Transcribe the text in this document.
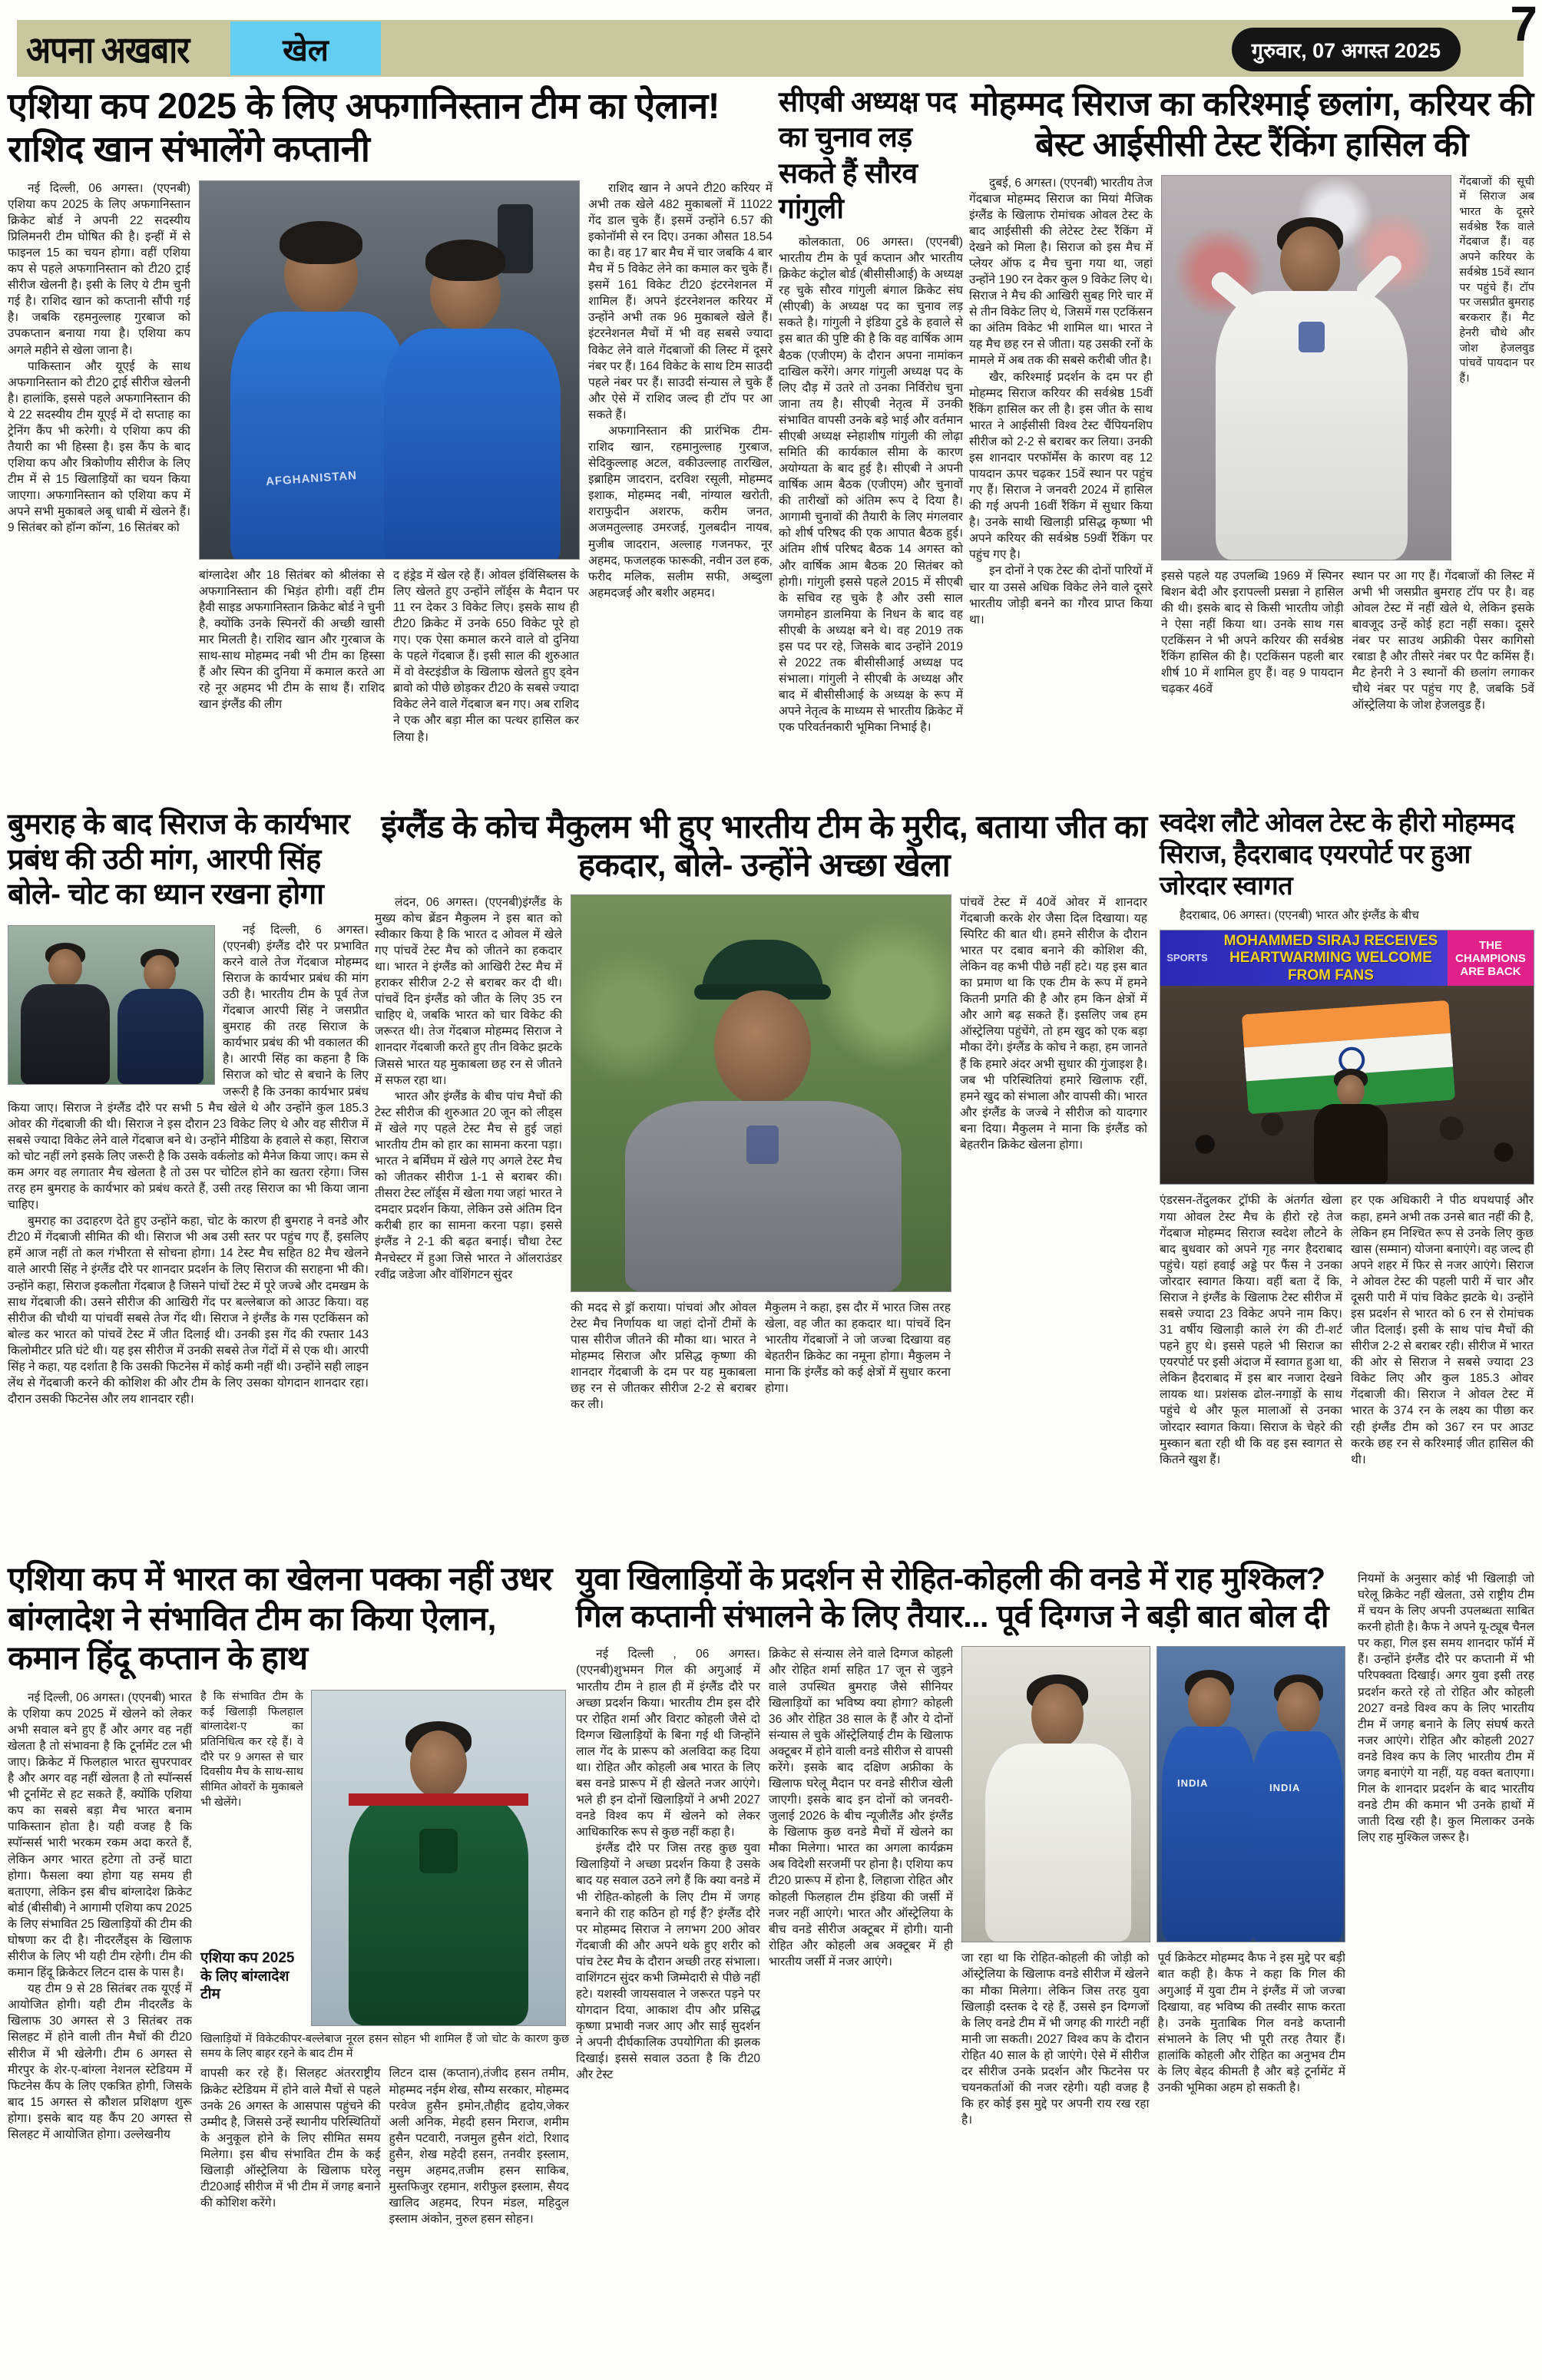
अपना अखबार	खेल	गुरुवार, 07 अगस्त 2025	7
एशिया कप 2025 के लिए अफगानिस्तान टीम का ऐलान! राशिद खान संभालेंगे कप्तानी

नई दिल्ली, 06 अगस्त। (एएनबी) एशिया कप 2025 के लिए अफगानिस्तान क्रिकेट बोर्ड ने अपनी 22 सदस्यीय प्रिलिमनरी टीम घोषित की है। इन्हीं में से फाइनल 15 का चयन होगा। वहीं एशिया कप से पहले अफगानिस्तान को टी20 ट्राई सीरीज खेलनी है। इसी के लिए ये टीम चुनी गई है। राशिद खान को कप्तानी सौंपी गई है। जबकि रहमनुल्लाह गुरबाज को उपकप्तान बनाया गया है। एशिया कप अगले महीने से खेला जाना है।

पाकिस्तान और यूएई के साथ अफगानिस्तान को टी20 ट्राई सीरीज खेलनी है। हालांकि, इससे पहले अफगानिस्तान की ये 22 सदस्यीय टीम यूएई में दो सप्ताह का ट्रेनिंग कैंप भी करेगी। ये एशिया कप की तैयारी का भी हिस्सा है। इस कैंप के बाद एशिया कप और त्रिकोणीय सीरीज के लिए टीम में से 15 खिलाड़ियों का चयन किया जाएगा। अफगानिस्तान को एशिया कप में अपने सभी मुकाबले अबू धाबी में खेलने हैं। 9 सितंबर को हॉन्ग कॉन्ग, 16 सितंबर को

AFGHANISTAN
बांग्लादेश और 18 सितंबर को श्रीलंका से अफगानिस्तान की भिड़ंत होगी। वहीं टीम हैवी साइड अफगानिस्तान क्रिकेट बोर्ड ने चुनी है, क्योंकि उनके स्पिनरों की अच्छी खासी मार मिलती है। राशिद खान और गुरबाज के साथ-साथ मोहम्मद नबी भी टीम का हिस्सा हैं और स्पिन की दुनिया में कमाल करते आ रहे नूर अहमद भी टीम के साथ हैं। राशिद खान इंग्लैंड की लीग
द हंड्रेड में खेल रहे हैं। ओवल इंविंसिब्लस के लिए खेलते हुए उन्होंने लॉर्ड्स के मैदान पर 11 रन देकर 3 विकेट लिए। इसके साथ ही टी20 क्रिकेट में उनके 650 विकेट पूरे हो गए। एक ऐसा कमाल करने वाले वो दुनिया के पहले गेंदबाज हैं। इसी साल की शुरुआत में वो वेस्टइंडीज के खिलाफ खेलते हुए ड्वेन ब्रावो को पीछे छोड़कर टी20 के सबसे ज्यादा विकेट लेने वाले गेंदबाज बन गए। अब राशिद ने एक और बड़ा मील का पत्थर हासिल कर लिया है।

राशिद खान ने अपने टी20 करियर में अभी तक खेले 482 मुकाबलों में 11022 गेंद डाल चुके हैं। इसमें उन्होंने 6.57 की इकोनॉमी से रन दिए। उनका औसत 18.54 का है। वह 17 बार मैच में चार जबकि 4 बार मैच में 5 विकेट लेने का कमाल कर चुके हैं। इसमें 161 विकेट टी20 इंटरनेशनल में शामिल हैं। अपने इंटरनेशनल करियर में उन्होंने अभी तक 96 मुकाबले खेले हैं। इंटरनेशनल मैचों में भी वह सबसे ज्यादा विकेट लेने वाले गेंदबाजों की लिस्ट में दूसरे नंबर पर हैं। 164 विकेट के साथ टिम साउदी पहले नंबर पर हैं। साउदी संन्यास ले चुके हैं और ऐसे में राशिद जल्द ही टॉप पर आ सकते हैं।

अफगानिस्तान की प्रारंभिक टीम- राशिद खान, रहमानुल्लाह गुरबाज, सेदिकुल्लाह अटल, वकीउल्लाह तारखिल, इब्राहिम जादरान, दरविश रसूली, मोहम्मद इशाक, मोहम्मद नबी, नांग्याल खरोती, शराफुदीन अशरफ, करीम जनत, अजमतुल्लाह उमरजई, गुलबदीन नायब, मुजीब जादरान, अल्लाह गजनफर, नूर अहमद, फजलहक फारूकी, नवीन उल हक, फरीद मलिक, सलीम सफी, अब्दुला अहमदजई और बशीर अहमद।

सीएबी अध्यक्ष पद का चुनाव लड़ सकते हैं सौरव गांगुली

कोलकाता, 06 अगस्त। (एएनबी) भारतीय टीम के पूर्व कप्तान और भारतीय क्रिकेट कंट्रोल बोर्ड (बीसीसीआई) के अध्यक्ष रह चुके सौरव गांगुली बंगाल क्रिकेट संघ (सीएबी) के अध्यक्ष पद का चुनाव लड़ सकते है। गांगुली ने इंडिया टुडे के हवाले से इस बात की पुष्टि की है कि वह वार्षिक आम बैठक (एजीएम) के दौरान अपना नामांकन दाखिल करेंगे। अगर गांगुली अध्यक्ष पद के लिए दौड़ में उतरे तो उनका निर्विरोध चुना जाना तय है। सीएबी नेतृत्व में उनकी संभावित वापसी उनके बड़े भाई और वर्तमान सीएबी अध्यक्ष स्नेहाशीष गांगुली की लोढ़ा समिति की कार्यकाल सीमा के कारण अयोग्यता के बाद हुई है। सीएबी ने अपनी वार्षिक आम बैठक (एजीएम) और चुनावों की तारीखों को अंतिम रूप दे दिया है। आगामी चुनावों की तैयारी के लिए मंगलवार को शीर्ष परिषद की एक आपात बैठक हुई। अंतिम शीर्ष परिषद बैठक 14 अगस्त को और वार्षिक आम बैठक 20 सितंबर को होगी। गांगुली इससे पहले 2015 में सीएबी के सचिव रह चुके है और उसी साल जगमोहन डालमिया के निधन के बाद वह सीएबी के अध्यक्ष बने थे। वह 2019 तक इस पद पर रहे, जिसके बाद उन्होंने 2019 से 2022 तक बीसीसीआई अध्यक्ष पद संभाला। गांगुली ने सीएबी के अध्यक्ष और बाद में बीसीसीआई के अध्यक्ष के रूप में अपने नेतृत्व के माध्यम से भारतीय क्रिकेट में एक परिवर्तनकारी भूमिका निभाई है।

मोहम्मद सिराज का करिश्माई छलांग, करियर की बेस्ट आईसीसी टेस्ट रैंकिंग हासिल की

दुबई, 6 अगस्त। (एएनबी) भारतीय तेज गेंदबाज मोहम्मद सिराज का मियां मैजिक इंग्लैंड के खिलाफ रोमांचक ओवल टेस्ट के बाद आईसीसी की लेटेस्ट टेस्ट रैंकिंग में देखने को मिला है। सिराज को इस मैच में प्लेयर ऑफ द मैच चुना गया था, जहां उन्होंने 190 रन देकर कुल 9 विकेट लिए थे। सिराज ने मैच की आखिरी सुबह गिरे चार में से तीन विकेट लिए थे, जिसमें गस एटकिंसन का अंतिम विकेट भी शामिल था। भारत ने यह मैच छह रन से जीता। यह उसकी रनों के मामले में अब तक की सबसे करीबी जीत है।

खैर, करिश्माई प्रदर्शन के दम पर ही मोहम्मद सिराज करियर की सर्वश्रेष्ठ 15वीं रैंकिंग हासिल कर ली है। इस जीत के साथ भारत ने आईसीसी विश्व टेस्ट चैंपियनशिप सीरीज को 2-2 से बराबर कर लिया। उनकी इस शानदार परफॉर्मेंस के कारण वह 12 पायदान ऊपर चढ़कर 15वें स्थान पर पहुंच गए हैं। सिराज ने जनवरी 2024 में हासिल की गई अपनी 16वीं रैंकिंग में सुधार किया है। उनके साथी खिलाड़ी प्रसिद्ध कृष्णा भी अपने करियर की सर्वश्रेष्ठ 59वीं रैंकिंग पर पहुंच गए है।

इन दोनों ने एक टेस्ट की दोनों पारियों में चार या उससे अधिक विकेट लेने वाले दूसरे भारतीय जोड़ी बनने का गौरव प्राप्त किया था।

गेंदबाजों की सूची में सिराज अब भारत के दूसरे सर्वश्रेष्ठ रैंक वाले गेंदबाज हैं। वह अपने करियर के सर्वश्रेष्ठ 15वें स्थान पर पहुंचे हैं। टॉप पर जसप्रीत बुमराह बरकरार हैं। मैट हेनरी चौथे और जोश हेजलवुड पांचवें पायदान पर हैं।
इससे पहले यह उपलब्धि 1969 में स्पिनर बिशन बेदी और इरापल्ली प्रसन्ना ने हासिल की थी। इसके बाद से किसी भारतीय जोड़ी ने ऐसा नहीं किया था। उनके साथ गस एटकिंसन ने भी अपने करियर की सर्वश्रेष्ठ रैंकिंग हासिल की है। एटकिंसन पहली बार शीर्ष 10 में शामिल हुए हैं। वह 9 पायदान चढ़कर 46वें
स्थान पर आ गए हैं। गेंदबाजों की लिस्ट में अभी भी जसप्रीत बुमराह टॉप पर है। वह ओवल टेस्ट में नहीं खेले थे, लेकिन इसके बावजूद उन्हें कोई हटा नहीं सका। दूसरे नंबर पर साउथ अफ्रीकी पेसर कागिसो रबाडा है और तीसरे नंबर पर पैट कमिंस हैं। मैट हेनरी ने 3 स्थानों की छलांग लगाकर चौथे नंबर पर पहुंच गए है, जबकि 5वें ऑस्ट्रेलिया के जोश हेजलवुड हैं।
बुमराह के बाद सिराज के कार्यभार प्रबंध की उठी मांग, आरपी सिंह बोले- चोट का ध्यान रखना होगा

नई दिल्ली, 6 अगस्त। (एएनबी) इंग्लैंड दौरे पर प्रभावित करने वाले तेज गेंदबाज मोहम्मद सिराज के कार्यभार प्रबंध की मांग उठी है। भारतीय टीम के पूर्व तेज गेंदबाज आरपी सिंह ने जसप्रीत बुमराह की तरह सिराज के कार्यभार प्रबंध की भी वकालत की है। आरपी सिंह का कहना है कि सिराज को चोट से बचाने के लिए जरूरी है कि उनका कार्यभार प्रबंध किया जाए। सिराज ने इंग्लैंड दौरे पर सभी 5 मैच खेले थे और उन्होंने कुल 185.3 ओवर की गेंदबाजी की थी। सिराज ने इस दौरान 23 विकेट लिए थे और वह सीरीज में सबसे ज्यादा विकेट लेने वाले गेंदबाज बने थे। उन्होंने मीडिया के हवाले से कहा, सिराज को चोट नहीं लगे इसके लिए जरूरी है कि उसके वर्कलोड को मैनेज किया जाए। कम से कम अगर वह लगातार मैच खेलता है तो उस पर चोटिल होने का खतरा रहेगा। जिस तरह हम बुमराह के कार्यभार को प्रबंध करते हैं, उसी तरह सिराज का भी किया जाना चाहिए।

बुमराह का उदाहरण देते हुए उन्होंने कहा, चोट के कारण ही बुमराह ने वनडे और टी20 में गेंदबाजी सीमित की थी। सिराज भी अब उसी स्तर पर पहुंच गए हैं, इसलिए हमें आज नहीं तो कल गंभीरता से सोचना होगा। 14 टेस्ट मैच सहित 82 मैच खेलने वाले आरपी सिंह ने इंग्लैंड दौरे पर शानदार प्रदर्शन के लिए सिराज की सराहना भी की। उन्होंने कहा, सिराज इकलौता गेंदबाज है जिसने पांचों टेस्ट में पूरे जज्बे और दमखम के साथ गेंदबाजी की। उसने सीरीज की आखिरी गेंद पर बल्लेबाज को आउट किया। वह सीरीज की चौथी या पांचवीं सबसे तेज गेंद थी। सिराज ने इंग्लैंड के गस एटकिंसन को बोल्ड कर भारत को पांचवें टेस्ट में जीत दिलाई थी। उनकी इस गेंद की रफ्तार 143 किलोमीटर प्रति घंटे थी। यह इस सीरीज में उनकी सबसे तेज गेंदों में से एक थी। आरपी सिंह ने कहा, यह दर्शाता है कि उसकी फिटनेस में कोई कमी नहीं थी। उन्होंने सही लाइन लेंथ से गेंदबाजी करने की कोशिश की और टीम के लिए उसका योगदान शानदार रहा। दौरान उसकी फिटनेस और लय शानदार रही।

इंग्लैंड के कोच मैकुलम भी हुए भारतीय टीम के मुरीद, बताया जीत का हकदार, बोले- उन्होंने अच्छा खेला

लंदन, 06 अगस्त। (एएनबी)इंग्लैंड के मुख्य कोच ब्रेंडन मैकुलम ने इस बात को स्वीकार किया है कि भारत द ओवल में खेले गए पांचवें टेस्ट मैच को जीतने का हकदार था। भारत ने इंग्लैंड को आखिरी टेस्ट मैच में हराकर सीरीज 2-2 से बराबर कर दी थी। पांचवें दिन इंग्लैंड को जीत के लिए 35 रन चाहिए थे, जबकि भारत को चार विकेट की जरूरत थी। तेज गेंदबाज मोहम्मद सिराज ने शानदार गेंदबाजी करते हुए तीन विकेट झटके जिससे भारत यह मुकाबला छह रन से जीतने में सफल रहा था।

भारत और इंग्लैंड के बीच पांच मैचों की टेस्ट सीरीज की शुरुआत 20 जून को लीड्स में खेले गए पहले टेस्ट मैच से हुई जहां भारतीय टीम को हार का सामना करना पड़ा। भारत ने बर्मिंघम में खेले गए अगले टेस्ट मैच को जीतकर सीरीज 1-1 से बराबर की। तीसरा टेस्ट लॉर्ड्स में खेला गया जहां भारत ने दमदार प्रदर्शन किया, लेकिन उसे अंतिम दिन करीबी हार का सामना करना पड़ा। इससे इंग्लैंड ने 2-1 की बढ़त बनाई। चौथा टेस्ट मैनचेस्टर में हुआ जिसे भारत ने ऑलराउंडर रवींद्र जडेजा और वॉशिंगटन सुंदर

की मदद से ड्रॉ कराया। पांचवां और ओवल टेस्ट मैच निर्णायक था जहां दोनों टीमों के पास सीरीज जीतने की मौका था। भारत ने मोहम्मद सिराज और प्रसिद्ध कृष्णा की शानदार गेंदबाजी के दम पर यह मुकाबला छह रन से जीतकर सीरीज 2-2 से बराबर कर ली।
मैकुलम ने कहा, इस दौर में भारत जिस तरह खेला, वह जीत का हकदार था। पांचवें दिन भारतीय गेंदबाजों ने जो जज्बा दिखाया वह बेहतरीन क्रिकेट का नमूना होगा। मैकुलम ने माना कि इंग्लैंड को कई क्षेत्रों में सुधार करना होगा।
पांचवें टेस्ट में 40वें ओवर में शानदार गेंदबाजी करके शेर जैसा दिल दिखाया। यह स्पिरिट की बात थी। हमने सीरीज के दौरान भारत पर दबाव बनाने की कोशिश की, लेकिन वह कभी पीछे नहीं हटे। यह इस बात का प्रमाण था कि एक टीम के रूप में हमने कितनी प्रगति की है और हम किन क्षेत्रों में और आगे बढ़ सकते हैं। इसलिए जब हम ऑस्ट्रेलिया पहुंचेंगे, तो हम खुद को एक बड़ा मौका देंगे। इंग्लैंड के कोच ने कहा, हम जानते हैं कि हमारे अंदर अभी सुधार की गुंजाइश है। जब भी परिस्थितियां हमारे खिलाफ रहीं, हमने खुद को संभाला और वापसी की। भारत और इंग्लैंड के जज्बे ने सीरीज को यादगार बना दिया। मैकुलम ने माना कि इंग्लैंड को बेहतरीन क्रिकेट खेलना होगा।
स्वदेश लौटे ओवल टेस्ट के हीरो मोहम्मद सिराज, हैदराबाद एयरपोर्ट पर हुआ जोरदार स्वागत
हैदराबाद, 06 अगस्त। (एएनबी) भारत और इंग्लैंड के बीच
SPORTS
MOHAMMED SIRAJ RECEIVES
HEARTWARMING WELCOME FROM FANS
THE CHAMPIONS ARE BACK
एंडरसन-तेंदुलकर ट्रॉफी के अंतर्गत खेला गया ओवल टेस्ट मैच के हीरो रहे तेज गेंदबाज मोहम्मद सिराज स्वदेश लौटने के बाद बुधवार को अपने गृह नगर हैदराबाद पहुंचे। यहां हवाई अड्डे पर फैंस ने उनका जोरदार स्वागत किया। वहीं बता दें कि, सिराज ने इंग्लैंड के खिलाफ टेस्ट सीरीज में सबसे ज्यादा 23 विकेट अपने नाम किए। 31 वर्षीय खिलाड़ी काले रंग की टी-शर्ट पहने हुए थे। इससे पहले भी सिराज का एयरपोर्ट पर इसी अंदाज में स्वागत हुआ था, लेकिन हैदराबाद में इस बार नजारा देखने लायक था। प्रशंसक ढोल-नगाड़ों के साथ पहुंचे थे और फूल मालाओं से उनका जोरदार स्वागत किया। सिराज के चेहरे की मुस्कान बता रही थी कि वह इस स्वागत से कितने खुश हैं।
हर एक अधिकारी ने पीठ थपथपाई और कहा, हमने अभी तक उनसे बात नहीं की है, लेकिन हम निश्चित रूप से उनके लिए कुछ खास (सम्मान) योजना बनाएंगे। वह जल्द ही अपने शहर में फिर से नजर आएंगे। सिराज ने ओवल टेस्ट की पहली पारी में चार और दूसरी पारी में पांच विकेट झटके थे। उन्होंने इस प्रदर्शन से भारत को 6 रन से रोमांचक जीत दिलाई। इसी के साथ पांच मैचों की सीरीज 2-2 से बराबर रही। सीरीज में भारत की ओर से सिराज ने सबसे ज्यादा 23 विकेट लिए और कुल 185.3 ओवर गेंदबाजी की। सिराज ने ओवल टेस्ट में भारत के 374 रन के लक्ष्य का पीछा कर रही इंग्लैंड टीम को 367 रन पर आउट करके छह रन से करिश्माई जीत हासिल की थी।
एशिया कप में भारत का खेलना पक्का नहीं उधर बांग्लादेश ने संभावित टीम का किया ऐलान, कमान हिंदू कप्तान के हाथ

नई दिल्ली, 06 अगस्त। (एएनबी) भारत के एशिया कप 2025 में खेलने को लेकर अभी सवाल बने हुए हैं और अगर वह नहीं खेलता है तो संभावना है कि टूर्नामेंट टल भी जाए। क्रिकेट में फिलहाल भारत सुपरपावर है और अगर वह नहीं खेलता है तो स्पॉन्सर्स भी टूर्नामेंट से हट सकते हैं, क्योंकि एशिया कप का सबसे बड़ा मैच भारत बनाम पाकिस्तान होता है। यही वजह है कि स्पॉन्सर्स भारी भरकम रकम अदा करते हैं, लेकिन अगर भारत हटेगा तो उन्हें घाटा होगा। फैसला क्या होगा यह समय ही बताएगा, लेकिन इस बीच बांग्लादेश क्रिकेट बोर्ड (बीसीबी) ने आगामी एशिया कप 2025 के लिए संभावित 25 खिलाड़ियों की टीम की घोषणा कर दी है। नीदरलैंड्स के खिलाफ सीरीज के लिए भी यही टीम रहेगी। टीम की कमान हिंदू क्रिकेटर लिटन दास के पास है।

यह टीम 9 से 28 सितंबर तक यूएई में आयोजित होगी। यही टीम नीदरलैंड के खिलाफ 30 अगस्त से 3 सितंबर तक सिलहट में होने वाली तीन मैचों की टी20 सीरीज में भी खेलेगी। टीम 6 अगस्त से मीरपुर के शेर-ए-बांग्ला नेशनल स्टेडियम में फिटनेस कैंप के लिए एकत्रित होगी, जिसके बाद 15 अगस्त से कौशल प्रशिक्षण शुरू होगा। इसके बाद यह कैंप 20 अगस्त से सिलहट में आयोजित होगा। उल्लेखनीय

है कि संभावित टीम के कई खिलाड़ी फिलहाल बांग्लादेश-ए का प्रतिनिधित्व कर रहे हैं। वे दौरे पर 9 अगस्त से चार दिवसीय मैच के साथ-साथ सीमित ओवरों के मुकाबले भी खेलेंगे।
एशिया कप 2025 के लिए बांग्लादेश टीम
खिलाड़ियों में विकेटकीपर-बल्लेबाज नूरल हसन सोहन भी शामिल हैं जो चोट के कारण कुछ समय के लिए बाहर रहने के बाद टीम में
वापसी कर रहे हैं। सिलहट अंतरराष्ट्रीय क्रिकेट स्टेडियम में होने वाले मैचों से पहले उनके 26 अगस्त के आसपास पहुंचने की उम्मीद है, जिससे उन्हें स्थानीय परिस्थितियों के अनुकूल होने के लिए सीमित समय मिलेगा। इस बीच संभावित टीम के कई खिलाड़ी ऑस्ट्रेलिया के खिलाफ घरेलू टी20आई सीरीज में भी टीम में जगह बनाने की कोशिश करेंगे।
लिटन दास (कप्तान),तंजीद हसन तमीम, मोहम्मद नईम शेख, सौम्य सरकार, मोहम्मद परवेज हुसैन इमोन,तौहीद हृदोय,जेकर अली अनिक, मेहदी हसन मिराज, शमीम हुसैन पटवारी, नजमुल हुसैन शंटो, रिशाद हुसैन, शेख महेदी हसन, तनवीर इस्लाम, नसुम अहमद,तजीम हसन साकिब, मुस्तफिजुर रहमान, शरीफुल इस्लाम, सैयद खालिद अहमद, रिपन मंडल, महिदुल इस्लाम अंकोन, नुरुल हसन सोहन।
युवा खिलाड़ियों के प्रदर्शन से रोहित-कोहली की वनडे में राह मुश्किल? गिल कप्तानी संभालने के लिए तैयार... पूर्व दिग्गज ने बड़ी बात बोल दी

नई दिल्ली , 06 अगस्त। (एएनबी)शुभमन गिल की अगुआई में भारतीय टीम ने हाल ही में इंग्लैंड दौरे पर अच्छा प्रदर्शन किया। भारतीय टीम इस दौरे पर रोहित शर्मा और विराट कोहली जैसे दो दिग्गज खिलाड़ियों के बिना गई थी जिन्होंने लाल गेंद के प्रारूप को अलविदा कह दिया था। रोहित और कोहली अब भारत के लिए बस वनडे प्रारूप में ही खेलते नजर आएंगे। भले ही इन दोनों खिलाड़ियों ने अभी 2027 वनडे विश्व कप में खेलने को लेकर आधिकारिक रूप से कुछ नहीं कहा है।

इंग्लैंड दौरे पर जिस तरह कुछ युवा खिलाड़ियों ने अच्छा प्रदर्शन किया है उसके बाद यह सवाल उठने लगे हैं कि क्या वनडे में भी रोहित-कोहली के लिए टीम में जगह बनाने की राह कठिन हो गई हैं? इंग्लैंड दौरे पर मोहम्मद सिराज ने लगभग 200 ओवर गेंदबाजी की और अपने थके हुए शरीर को पांच टेस्ट मैच के दौरान अच्छी तरह संभाला। वाशिंगटन सुंदर कभी जिम्मेदारी से पीछे नहीं हटे। यशस्वी जायसवाल ने जरूरत पड़ने पर योगदान दिया, आकाश दीप और प्रसिद्ध कृष्णा प्रभावी नजर आए और साई सुदर्शन ने अपनी दीर्घकालिक उपयोगिता की झलक दिखाई। इससे सवाल उठता है कि टी20 और टेस्ट

क्रिकेट से संन्यास लेने वाले दिग्गज कोहली और रोहित शर्मा सहित 17 जून से जुड़ने वाले उपस्थित बुमराह जैसे सीनियर खिलाड़ियों का भविष्य क्या होगा? कोहली 36 और रोहित 38 साल के हैं और ये दोनों संन्यास ले चुके ऑस्ट्रेलियाई टीम के खिलाफ अक्टूबर में होने वाली वनडे सीरीज से वापसी करेंगे। इसके बाद दक्षिण अफ्रीका के खिलाफ घरेलू मैदान पर वनडे सीरीज खेली जाएगी। इसके बाद इन दोनों को जनवरी-जुलाई 2026 के बीच न्यूजीलैंड और इंग्लैंड के खिलाफ कुछ वनडे मैचों में खेलने का मौका मिलेगा। भारत का अगला कार्यक्रम अब विदेशी सरजमीं पर होना है। एशिया कप टी20 प्रारूप में होना है, लिहाजा रोहित और कोहली फिलहाल टीम इंडिया की जर्सी में नजर नहीं आएंगे। भारत और ऑस्ट्रेलिया के बीच वनडे सीरीज अक्टूबर में होगी। यानी रोहित और कोहली अब अक्टूबर में ही भारतीय जर्सी में नजर आएंगे।
INDIA	INDIA
जा रहा था कि रोहित-कोहली की जोड़ी को ऑस्ट्रेलिया के खिलाफ वनडे सीरीज में खेलने का मौका मिलेगा। लेकिन जिस तरह युवा खिलाड़ी दस्तक दे रहे हैं, उससे इन दिग्गजों के लिए वनडे टीम में भी जगह की गारंटी नहीं मानी जा सकती। 2027 विश्व कप के दौरान रोहित 40 साल के हो जाएंगे। ऐसे में सीरीज दर सीरीज उनके प्रदर्शन और फिटनेस पर चयनकर्ताओं की नजर रहेगी। यही वजह है कि हर कोई इस मुद्दे पर अपनी राय रख रहा है।
पूर्व क्रिकेटर मोहम्मद कैफ ने इस मुद्दे पर बड़ी बात कही है। कैफ ने कहा कि गिल की अगुआई में युवा टीम ने इंग्लैंड में जो जज्बा दिखाया, वह भविष्य की तस्वीर साफ करता है। उनके मुताबिक गिल वनडे कप्तानी संभालने के लिए भी पूरी तरह तैयार हैं। हालांकि कोहली और रोहित का अनुभव टीम के लिए बेहद कीमती है और बड़े टूर्नामेंट में उनकी भूमिका अहम हो सकती है।
नियमों के अनुसार कोई भी खिलाड़ी जो घरेलू क्रिकेट नहीं खेलता, उसे राष्ट्रीय टीम में चयन के लिए अपनी उपलब्धता साबित करनी होती है। कैफ ने अपने यू-ट्यूब चैनल पर कहा, गिल इस समय शानदार फॉर्म में हैं। उन्होंने इंग्लैंड दौरे पर कप्तानी में भी परिपक्वता दिखाई। अगर युवा इसी तरह प्रदर्शन करते रहे तो रोहित और कोहली 2027 वनडे विश्व कप के लिए भारतीय टीम में जगह बनाने के लिए संघर्ष करते नजर आएंगे। रोहित और कोहली 2027 वनडे विश्व कप के लिए भारतीय टीम में जगह बनाएंगे या नहीं, यह वक्त बताएगा। गिल के शानदार प्रदर्शन के बाद भारतीय वनडे टीम की कमान भी उनके हाथों में जाती दिख रही है। कुल मिलाकर उनके लिए राह मुश्किल जरूर है।
